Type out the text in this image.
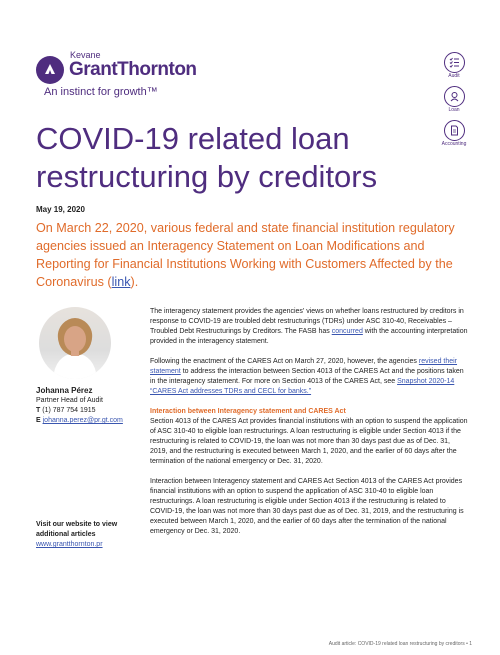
Kevane
GrantThornton
An instinct for growth™
Audit
Loan
Accounting
COVID-19 related loan restructuring by creditors
May 19, 2020
On March 22, 2020, various federal and state financial institution regulatory agencies issued an Interagency Statement on Loan Modifications and Reporting for Financial Institutions Working with Customers Affected by the Coronavirus (link).
Johanna Pérez
Partner Head of Audit
T (1) 787 754 1915
E johanna.perez@pr.gt.com
Visit our website to view additional articles
www.grantthornton.pr

The interagency statement provides the agencies' views on whether loans restructured by creditors in response to COVID-19 are troubled debt restructurings (TDRs) under ASC 310-40, Receivables – Troubled Debt Restructurings by Creditors. The FASB has concurred with the accounting interpretation provided in the interagency statement.

Following the enactment of the CARES Act on March 27, 2020, however, the agencies revised their statement to address the interaction between Section 4013 of the CARES Act and the positions taken in the interagency statement. For more on Section 4013 of the CARES Act, see Snapshot 2020-14 “CARES Act addresses TDRs and CECL for banks.”

Interaction between Interagency statement and CARES Act

Section 4013 of the CARES Act provides financial institutions with an option to suspend the application of ASC 310-40 to eligible loan restructurings. A loan restructuring is eligible under Section 4013 if the restructuring is related to COVID-19, the loan was not more than 30 days past due as of Dec. 31, 2019, and the restructuring is executed between March 1, 2020, and the earlier of 60 days after the termination of the national emergency or Dec. 31, 2020.

Interaction between Interagency statement and CARES Act Section 4013 of the CARES Act provides financial institutions with an option to suspend the application of ASC 310-40 to eligible loan restructurings. A loan restructuring is eligible under Section 4013 if the restructuring is related to COVID-19, the loan was not more than 30 days past due as of Dec. 31, 2019, and the restructuring is executed between March 1, 2020, and the earlier of 60 days after the termination of the national emergency or Dec. 31, 2020.

Audit article: COVID-19 related loan restructuring by creditors • 1
